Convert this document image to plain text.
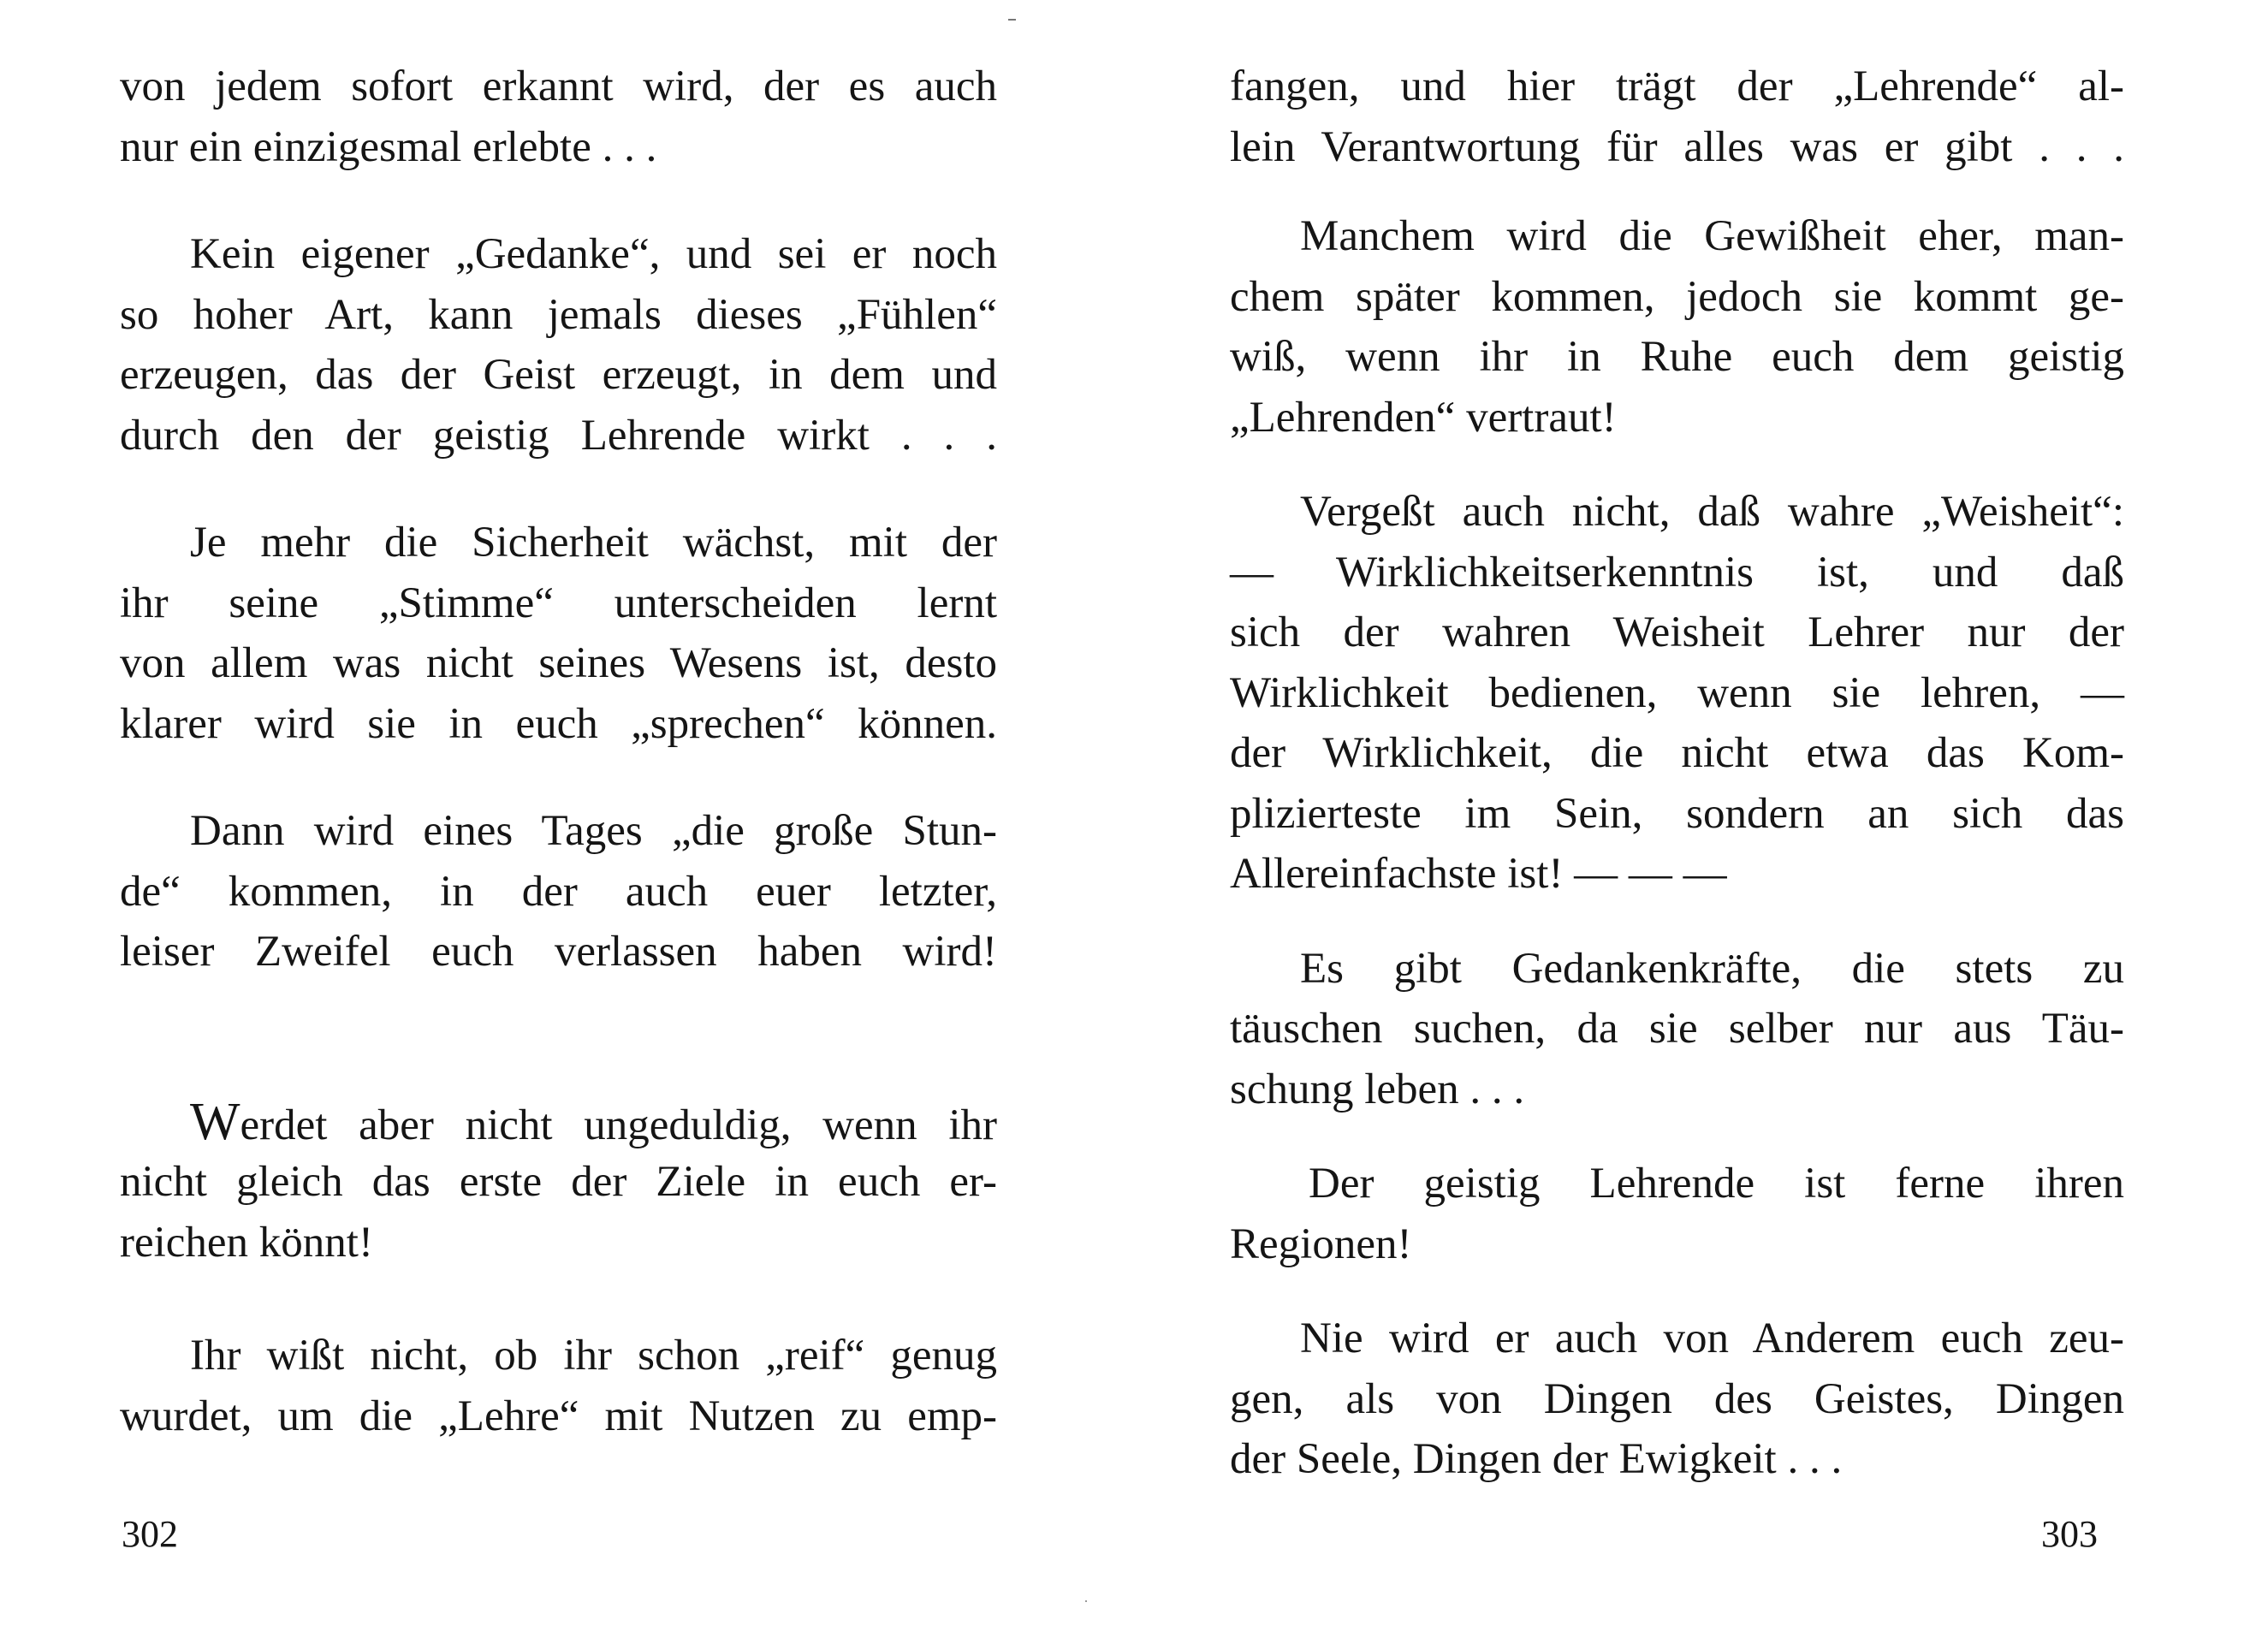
von jedem sofort erkannt wird, der es auch
nur ein einzigesmal erlebte . . .
Kein eigener „Gedanke“, und sei er noch
so hoher Art, kann jemals dieses „Fühlen“
erzeugen, das der Geist erzeugt, in dem und
durch den der geistig Lehrende wirkt . . .
Je mehr die Sicherheit wächst, mit der
ihr seine „Stimme“ unterscheiden lernt
von allem was nicht seines Wesens ist, desto
klarer wird sie in euch „sprechen“ können.
Dann wird eines Tages „die große Stun-
de“ kommen, in der auch euer letzter,
leiser Zweifel euch verlassen haben wird!
Werdet aber nicht ungeduldig, wenn ihr
nicht gleich das erste der Ziele in euch er-
reichen könnt!
Ihr wißt nicht, ob ihr schon „reif“ genug
wurdet, um die „Lehre“ mit Nutzen zu emp-
302
fangen, und hier trägt der „Lehrende“ al-
lein Verantwortung für alles was er gibt . . .
Manchem wird die Gewißheit eher, man-
chem später kommen, jedoch sie kommt ge-
wiß, wenn ihr in Ruhe euch dem geistig
„Lehrenden“ vertraut!
Vergeßt auch nicht, daß wahre „Weisheit“:
— Wirklichkeitserkenntnis ist, und daß
sich der wahren Weisheit Lehrer nur der
Wirklichkeit bedienen, wenn sie lehren, —
der Wirklichkeit, die nicht etwa das Kom-
plizierteste im Sein, sondern an sich das
Allereinfachste ist! — — —
Es gibt Gedankenkräfte, die stets zu
täuschen suchen, da sie selber nur aus Täu-
schung leben . . .
Der geistig Lehrende ist ferne ihren
Regionen!
Nie wird er auch von Anderem euch zeu-
gen, als von Dingen des Geistes, Dingen
der Seele, Dingen der Ewigkeit . . .
303
